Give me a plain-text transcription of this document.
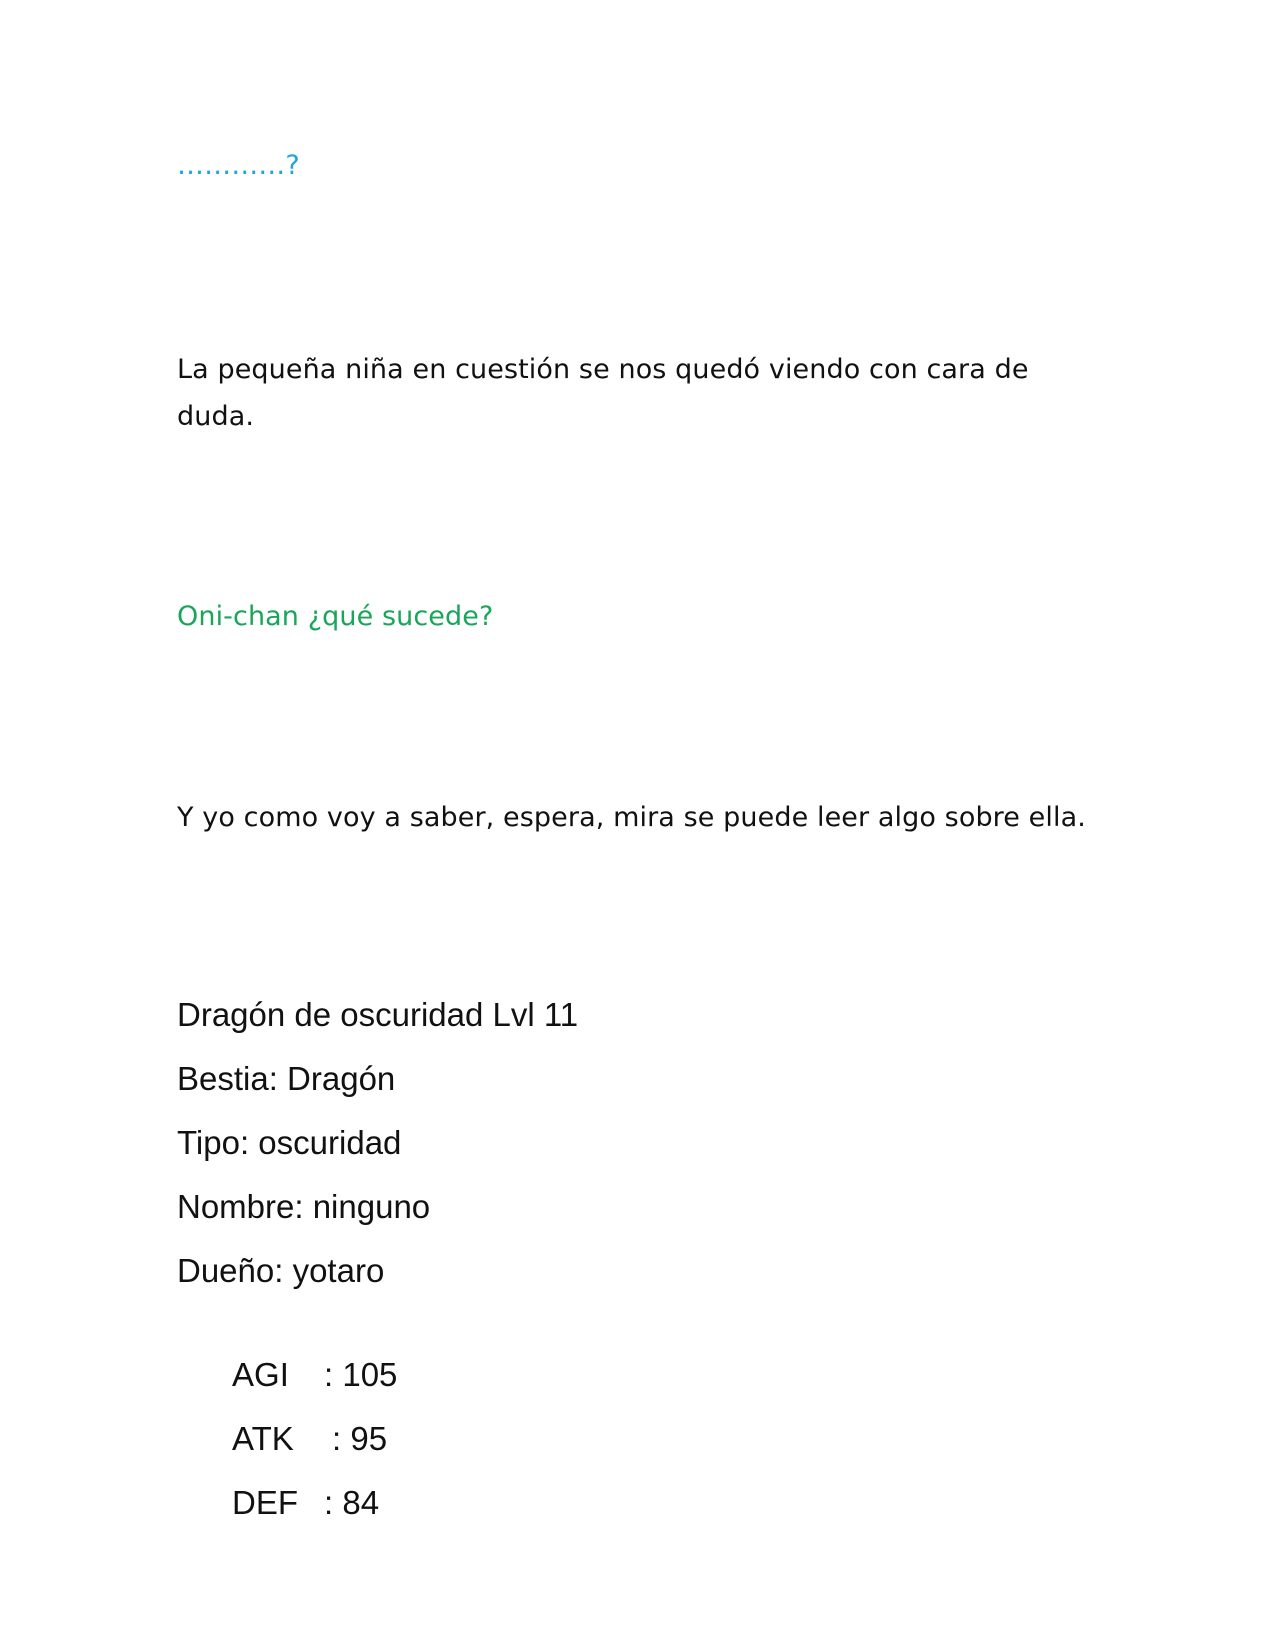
…………?

La pequeña niña en cuestión se nos quedó viendo con cara de duda.

Oni-chan ¿qué sucede?

Y yo como voy a saber, espera, mira se puede leer algo sobre ella.

Dragón de oscuridad Lvl 11

Bestia: Dragón

Tipo: oscuridad

Nombre: ninguno

Dueño: yotaro

AGI : 105

ATK : 95

DEF : 84
